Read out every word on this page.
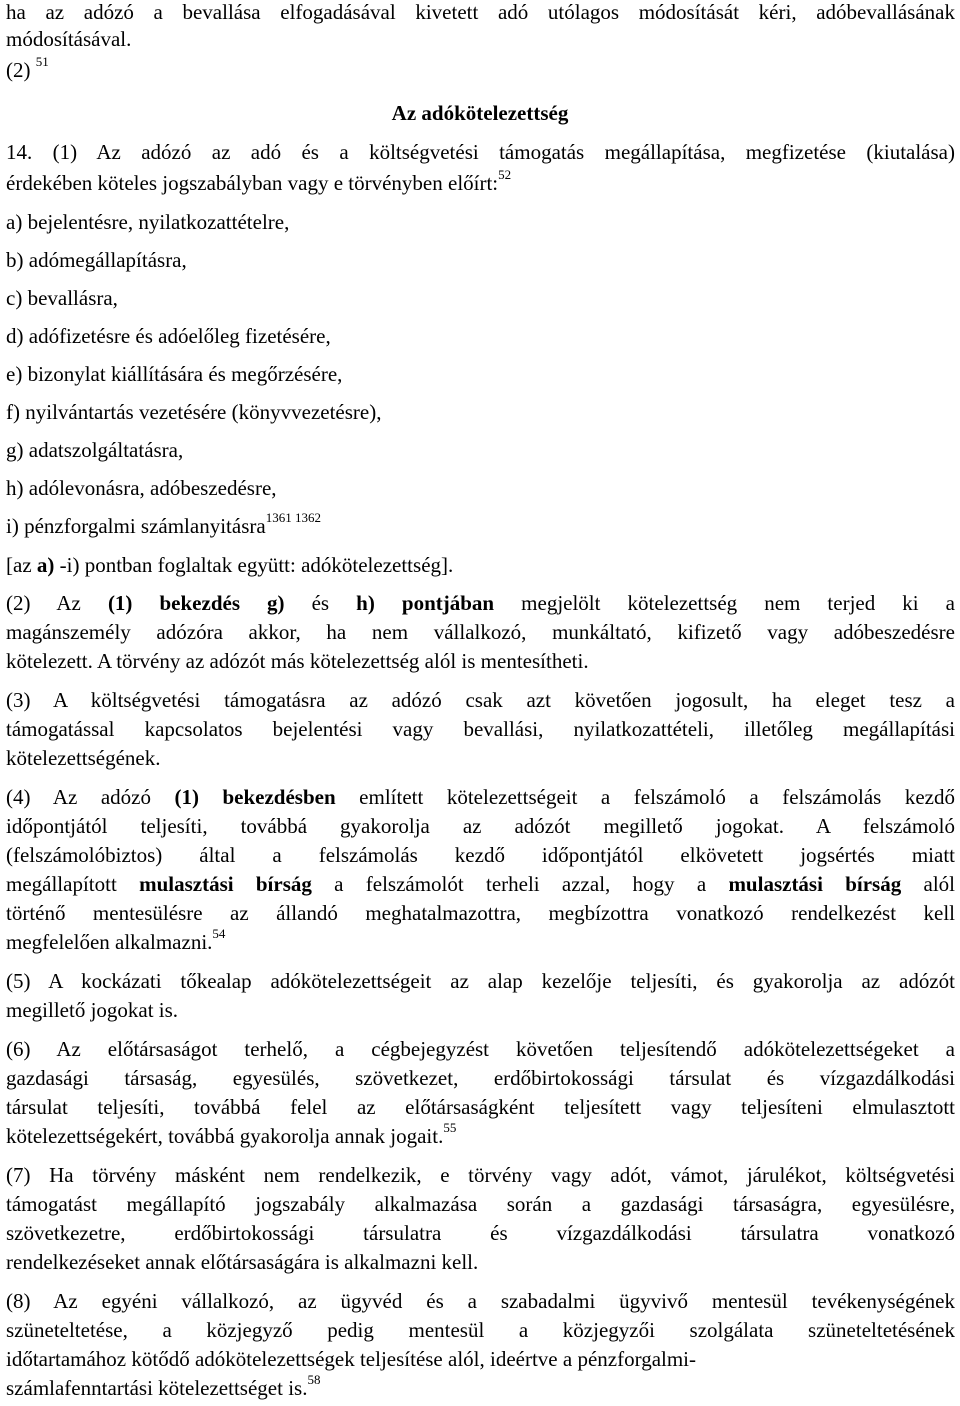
ha az adózó a bevallása elfogadásával kivetett adó utólagos módosítását kéri, adóbevallásának
módosításával.
(2) $^{51}$
Az adókötelezettség
14. (1) Az adózó az adó és a költségvetési támogatás megállapítása, megfizetése (kiutalása)
érdekében köteles jogszabályban vagy e törvényben előírt:$^{52}$
a) bejelentésre, nyilatkozattételre,
b) adómegállapításra,
c) bevallásra,
d) adófizetésre és adóelőleg fizetésére,
e) bizonylat kiállítására és megőrzésére,
f) nyilvántartás vezetésére (könyvvezetésre),
g) adatszolgáltatásra,
h) adólevonásra, adóbeszedésre,
i) pénzforgalmi számlanyitásra$^{1361 1362}$
[az a) -i) pontban foglaltak együtt: adókötelezettség].
(2) Az (1) bekezdés g) és h) pontjában megjelölt kötelezettség nem terjed ki a
magánszemély adózóra akkor, ha nem vállalkozó, munkáltató, kifizető vagy adóbeszedésre
kötelezett. A törvény az adózót más kötelezettség alól is mentesítheti.
(3) A költségvetési támogatásra az adózó csak azt követően jogosult, ha eleget tesz a
támogatással kapcsolatos bejelentési vagy bevallási, nyilatkozattételi, illetőleg megállapítási
kötelezettségének.
(4) Az adózó (1) bekezdésben említett kötelezettségeit a felszámoló a felszámolás kezdő
időpontjától teljesíti, továbbá gyakorolja az adózót megillető jogokat. A felszámoló
(felszámolóbiztos) által a felszámolás kezdő időpontjától elkövetett jogsértés miatt
megállapított mulasztási bírság a felszámolót terheli azzal, hogy a mulasztási bírság alól
történő mentesülésre az állandó meghatalmazottra, megbízottra vonatkozó rendelkezést kell
megfelelően alkalmazni.$^{54}$
(5) A kockázati tőkealap adókötelezettségeit az alap kezelője teljesíti, és gyakorolja az adózót
megillető jogokat is.
(6) Az előtársaságot terhelő, a cégbejegyzést követően teljesítendő adókötelezettségeket a
gazdasági társaság, egyesülés, szövetkezet, erdőbirtokossági társulat és vízgazdálkodási
társulat teljesíti, továbbá felel az előtársaságként teljesített vagy teljesíteni elmulasztott
kötelezettségekért, továbbá gyakorolja annak jogait.$^{55}$
(7) Ha törvény másként nem rendelkezik, e törvény vagy adót, vámot, járulékot, költségvetési
támogatást megállapító jogszabály alkalmazása során a gazdasági társaságra, egyesülésre,
szövetkezetre, erdőbirtokossági társulatra és vízgazdálkodási társulatra vonatkozó
rendelkezéseket annak előtársaságára is alkalmazni kell.
(8) Az egyéni vállalkozó, az ügyvéd és a szabadalmi ügyvivő mentesül tevékenységének
szüneteltetése, a közjegyző pedig mentesül a közjegyzői szolgálata szüneteltetésének
időtartamához kötődő adókötelezettségek teljesítése alól, ideértve a pénzforgalmi-
számlafenntartási kötelezettséget is.$^{58}$
